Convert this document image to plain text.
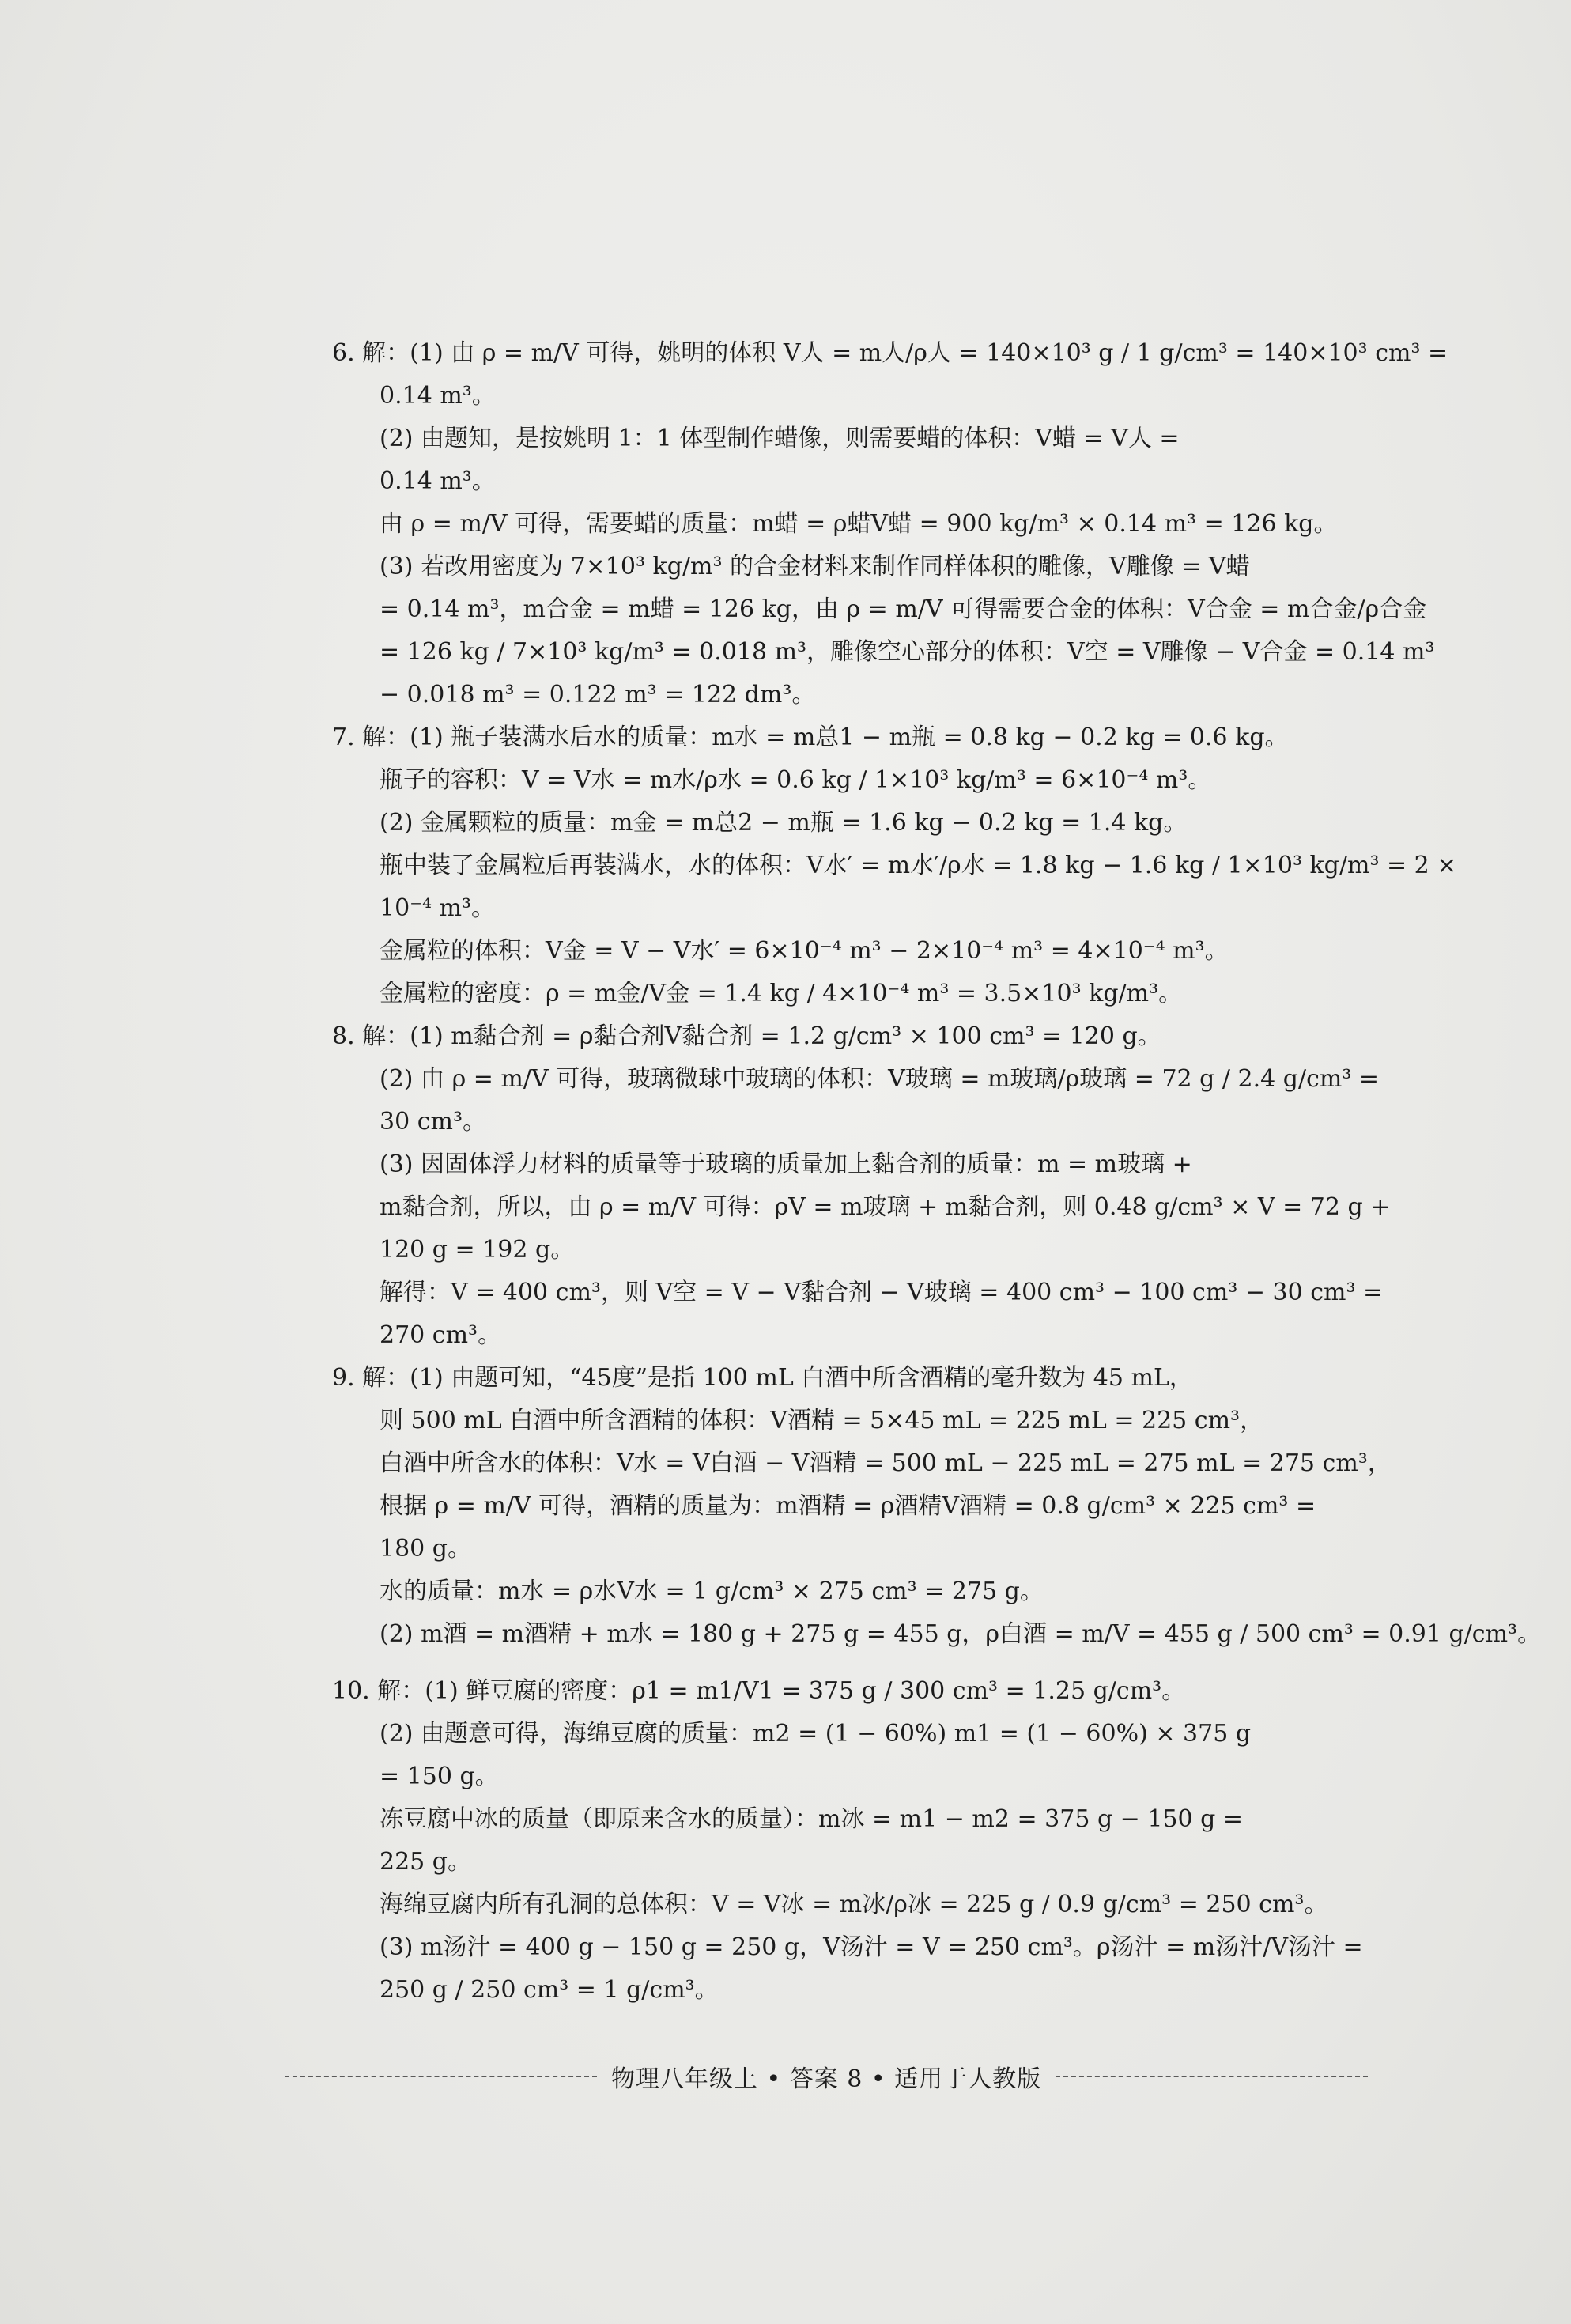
6. 解：(1) 由 ρ = m/V 可得，姚明的体积 V人 = m人/ρ人 = 140×10³ g / 1 g/cm³ = 140×10³ cm³ =
0.14 m³。
(2) 由题知，是按姚明 1：1 体型制作蜡像，则需要蜡的体积：V蜡 = V人 =
0.14 m³。
由 ρ = m/V 可得，需要蜡的质量：m蜡 = ρ蜡V蜡 = 900 kg/m³ × 0.14 m³ = 126 kg。
(3) 若改用密度为 7×10³ kg/m³ 的合金材料来制作同样体积的雕像，V雕像 = V蜡
= 0.14 m³，m合金 = m蜡 = 126 kg，由 ρ = m/V 可得需要合金的体积：V合金 = m合金/ρ合金
= 126 kg / 7×10³ kg/m³ = 0.018 m³，雕像空心部分的体积：V空 = V雕像 − V合金 = 0.14 m³
− 0.018 m³ = 0.122 m³ = 122 dm³。
7. 解：(1) 瓶子装满水后水的质量：m水 = m总1 − m瓶 = 0.8 kg − 0.2 kg = 0.6 kg。
瓶子的容积：V = V水 = m水/ρ水 = 0.6 kg / 1×10³ kg/m³ = 6×10⁻⁴ m³。
(2) 金属颗粒的质量：m金 = m总2 − m瓶 = 1.6 kg − 0.2 kg = 1.4 kg。
瓶中装了金属粒后再装满水，水的体积：V水′ = m水′/ρ水 = 1.8 kg − 1.6 kg / 1×10³ kg/m³ = 2 ×
10⁻⁴ m³。
金属粒的体积：V金 = V − V水′ = 6×10⁻⁴ m³ − 2×10⁻⁴ m³ = 4×10⁻⁴ m³。
金属粒的密度：ρ = m金/V金 = 1.4 kg / 4×10⁻⁴ m³ = 3.5×10³ kg/m³。
8. 解：(1) m黏合剂 = ρ黏合剂V黏合剂 = 1.2 g/cm³ × 100 cm³ = 120 g。
(2) 由 ρ = m/V 可得，玻璃微球中玻璃的体积：V玻璃 = m玻璃/ρ玻璃 = 72 g / 2.4 g/cm³ =
30 cm³。
(3) 因固体浮力材料的质量等于玻璃的质量加上黏合剂的质量：m = m玻璃 +
m黏合剂，所以，由 ρ = m/V 可得：ρV = m玻璃 + m黏合剂，则 0.48 g/cm³ × V = 72 g +
120 g = 192 g。
解得：V = 400 cm³，则 V空 = V − V黏合剂 − V玻璃 = 400 cm³ − 100 cm³ − 30 cm³ =
270 cm³。
9. 解：(1) 由题可知，“45度”是指 100 mL 白酒中所含酒精的毫升数为 45 mL，
则 500 mL 白酒中所含酒精的体积：V酒精 = 5×45 mL = 225 mL = 225 cm³，
白酒中所含水的体积：V水 = V白酒 − V酒精 = 500 mL − 225 mL = 275 mL = 275 cm³，
根据 ρ = m/V 可得，酒精的质量为：m酒精 = ρ酒精V酒精 = 0.8 g/cm³ × 225 cm³ =
180 g。
水的质量：m水 = ρ水V水 = 1 g/cm³ × 275 cm³ = 275 g。
(2) m酒 = m酒精 + m水 = 180 g + 275 g = 455 g，ρ白酒 = m/V = 455 g / 500 cm³ = 0.91 g/cm³。
10. 解：(1) 鲜豆腐的密度：ρ1 = m1/V1 = 375 g / 300 cm³ = 1.25 g/cm³。
(2) 由题意可得，海绵豆腐的质量：m2 = (1 − 60%) m1 = (1 − 60%) × 375 g
= 150 g。
冻豆腐中冰的质量（即原来含水的质量）：m冰 = m1 − m2 = 375 g − 150 g =
225 g。
海绵豆腐内所有孔洞的总体积：V = V冰 = m冰/ρ冰 = 225 g / 0.9 g/cm³ = 250 cm³。
(3) m汤汁 = 400 g − 150 g = 250 g，V汤汁 = V = 250 cm³。ρ汤汁 = m汤汁/V汤汁 =
250 g / 250 cm³ = 1 g/cm³。
物理八年级上 • 答案 8 • 适用于人教版
